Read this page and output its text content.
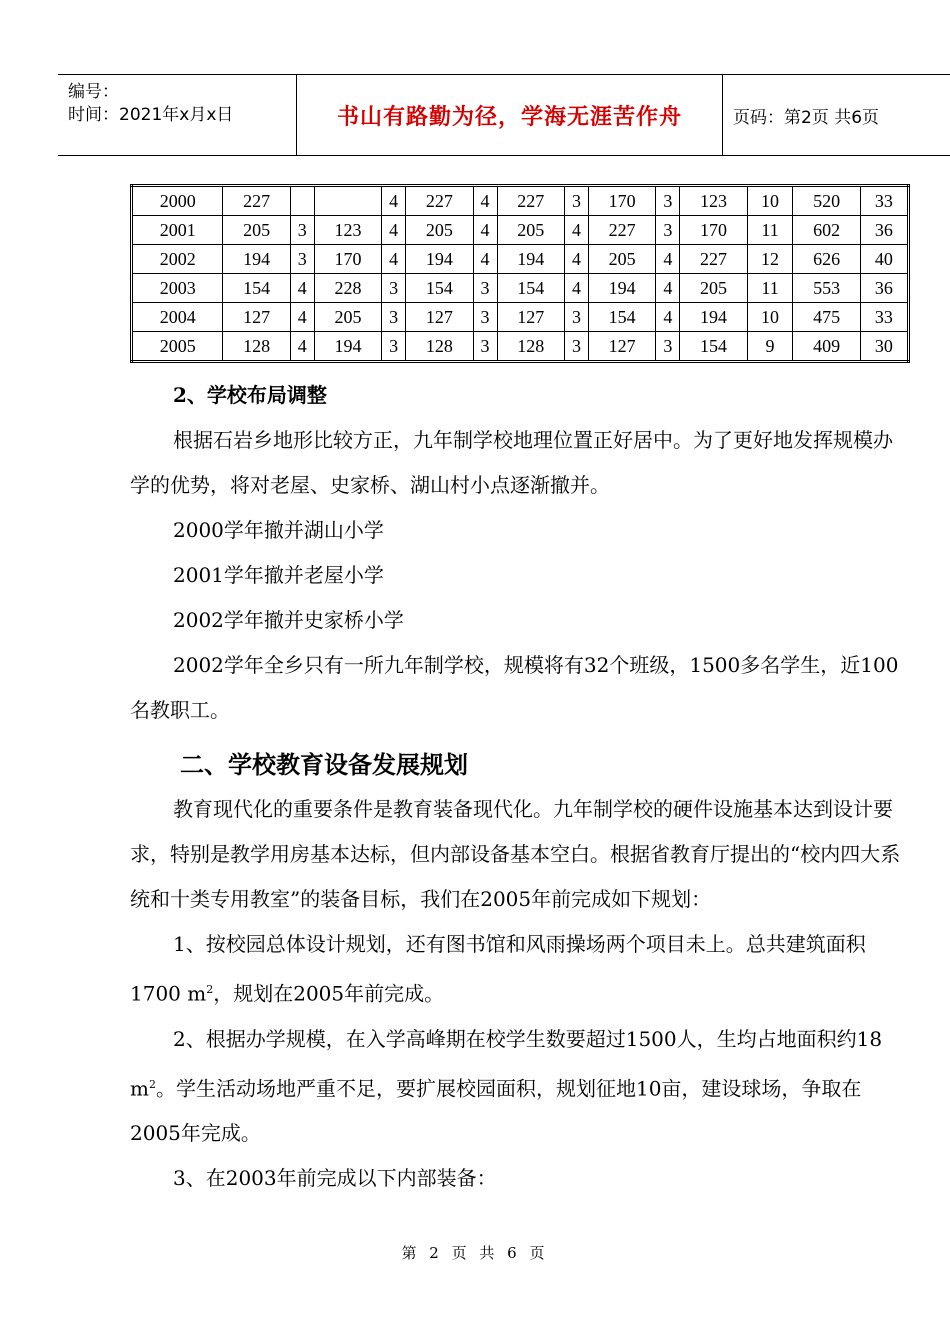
编号：
时间：2021年x月x日	书山有路勤为径，学海无涯苦作舟	页码：第2页 共6页
2000	227			4	227	4	227	3	170	3	123	10	520	33
2001	205	3	123	4	205	4	205	4	227	3	170	11	602	36
2002	194	3	170	4	194	4	194	4	205	4	227	12	626	40
2003	154	4	228	3	154	3	154	4	194	4	205	11	553	36
2004	127	4	205	3	127	3	127	3	154	4	194	10	475	33
2005	128	4	194	3	128	3	128	3	127	3	154	9	409	30

2、学校布局调整

根据石岩乡地形比较方正，九年制学校地理位置正好居中。为了更好地发挥规模办学的优势，将对老屋、史家桥、湖山村小点逐渐撤并。

2000学年撤并湖山小学

2001学年撤并老屋小学

2002学年撤并史家桥小学

2002学年全乡只有一所九年制学校，规模将有32个班级，1500多名学生，近100名教职工。

二、学校教育设备发展规划

教育现代化的重要条件是教育装备现代化。九年制学校的硬件设施基本达到设计要求，特别是教学用房基本达标，但内部设备基本空白。根据省教育厅提出的“校内四大系统和十类专用教室”的装备目标，我们在2005年前完成如下规划：

1、按校园总体设计规划，还有图书馆和风雨操场两个项目未上。总共建筑面积1700 $m^2$，规划在2005年前完成。

2、根据办学规模，在入学高峰期在校学生数要超过1500人，生均占地面积约18 $m^2$。学生活动场地严重不足，要扩展校园面积，规划征地10亩，建设球场，争取在2005年完成。

3、在2003年前完成以下内部装备：

第 2 页 共 6 页
